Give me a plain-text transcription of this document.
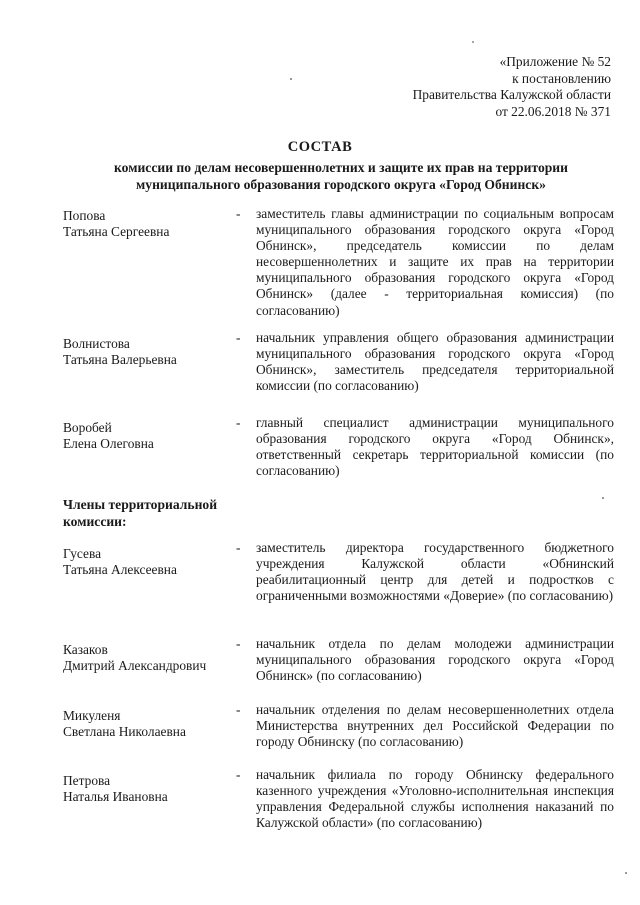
«Приложение № 52
к постановлению
Правительства Калужской области
от 22.06.2018 № 371
СОСТАВ
комиссии по делам несовершеннолетних и защите их прав на территории муниципального образования городского округа «Город Обнинск»
Попова
Татьяна Сергеевна
- заместитель главы администрации по социальным вопросам муниципального образования городского округа «Город Обнинск», председатель комиссии по делам несовершеннолетних и защите их прав на территории муниципального образования городского округа «Город Обнинск» (далее - территориальная комиссия) (по согласованию)
Волнистова
Татьяна Валерьевна
- начальник управления общего образования администрации муниципального образования городского округа «Город Обнинск», заместитель председателя территориальной комиссии (по согласованию)
Воробей
Елена Олеговна
- главный специалист администрации муниципального образования городского округа «Город Обнинск», ответственный секретарь территориальной комиссии (по согласованию)
Члены территориальной комиссии:
Гусева
Татьяна Алексеевна
- заместитель директора государственного бюджетного учреждения Калужской области «Обнинский реабилитационный центр для детей и подростков с ограниченными возможностями «Доверие» (по согласованию)
Казаков
Дмитрий Александрович
- начальник отдела по делам молодежи администрации муниципального образования городского округа «Город Обнинск» (по согласованию)
Микуленя
Светлана Николаевна
- начальник отделения по делам несовершеннолетних отдела Министерства внутренних дел Российской Федерации по городу Обнинску (по согласованию)
Петрова
Наталья Ивановна
- начальник филиала по городу Обнинску федерального казенного учреждения «Уголовно-исполнительная инспекция управления Федеральной службы исполнения наказаний по Калужской области» (по согласованию)
